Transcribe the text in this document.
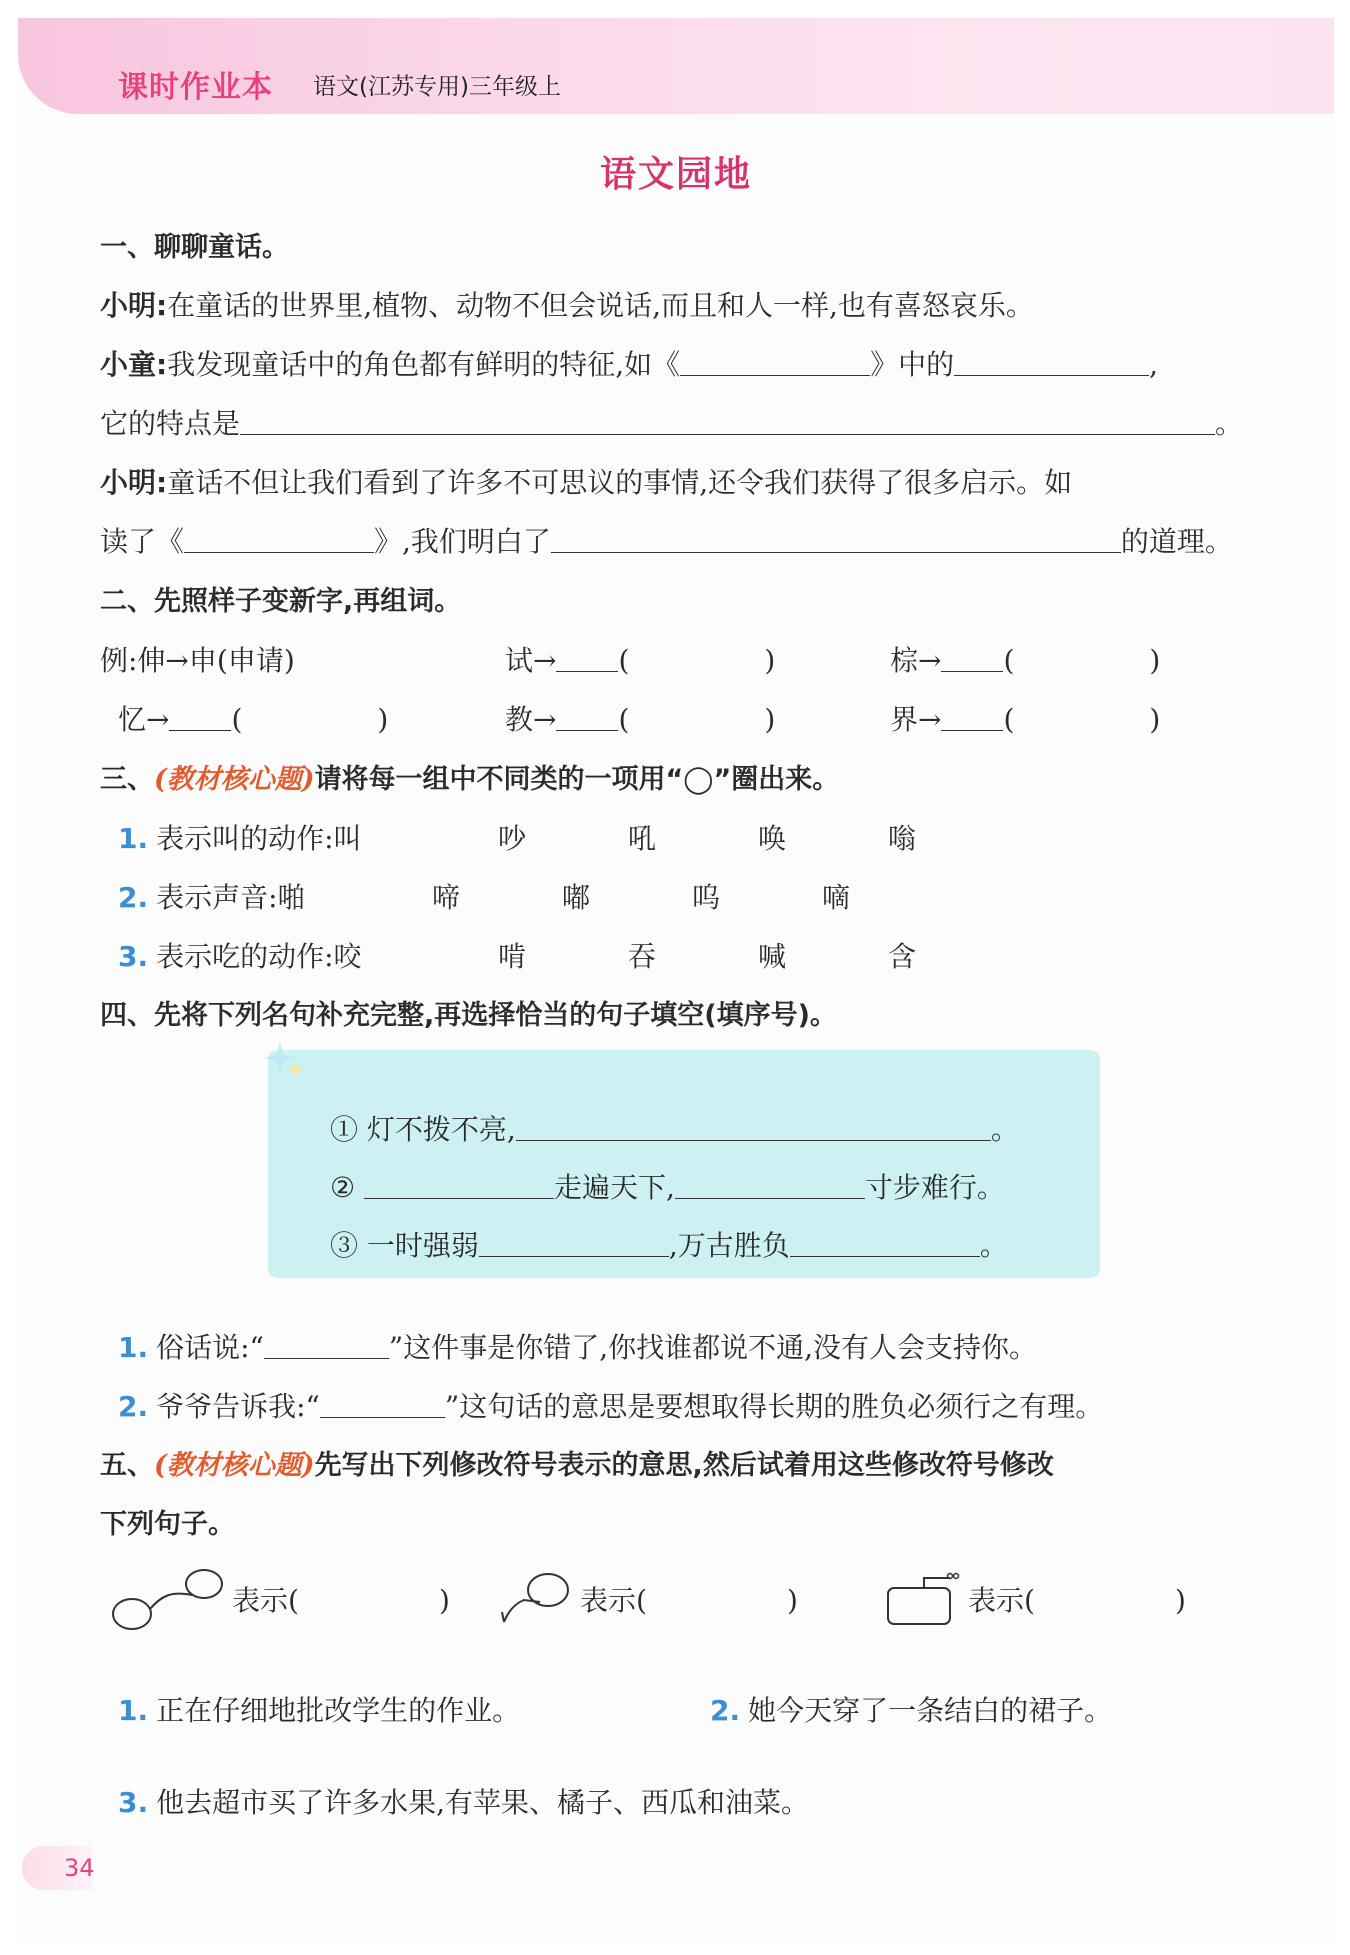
课时作业本 语文(江苏专用)三年级上
语文园地
一、聊聊童话。
小明:在童话的世界里,植物、动物不但会说话,而且和人一样,也有喜怒哀乐。
小童:我发现童话中的角色都有鲜明的特征,如《	》中的	,
它的特点是	。
小明:童话不但让我们看到了许多不可思议的事情,还令我们获得了很多启示。如
读了《	》,我们明白了	的道理。
二、先照样子变新字,再组词。
例:伸→申(申请)	试→ (	)	棕→ (	)
忆→ (	)	教→ (	)	界→ (	)
三、(教材核心题)请将每一组中不同类的一项用“◯”圈出来。
1. 表示叫的动作:叫	吵	吼	唤	嗡
2. 表示声音:啪	啼	嘟	呜	嘀
3. 表示吃的动作:咬	啃	吞	喊	含
四、先将下列名句补充完整,再选择恰当的句子填空(填序号)。
① 灯不拨不亮,	。
②	走遍天下,	寸步难行。
③ 一时强弱	,万古胜负	。
1. 俗话说:“	”这件事是你错了,你找谁都说不通,没有人会支持你。
2. 爷爷告诉我:“	”这句话的意思是要想取得长期的胜负必须行之有理。
五、(教材核心题)先写出下列修改符号表示的意思,然后试着用这些修改符号修改
下列句子。
表示(	)	表示(	)	表示(	)
1. 正在仔细地批改学生的作业。	2. 她今天穿了一条结白的裙子。
3. 他去超市买了许多水果,有苹果、橘子、西瓜和油菜。
34
